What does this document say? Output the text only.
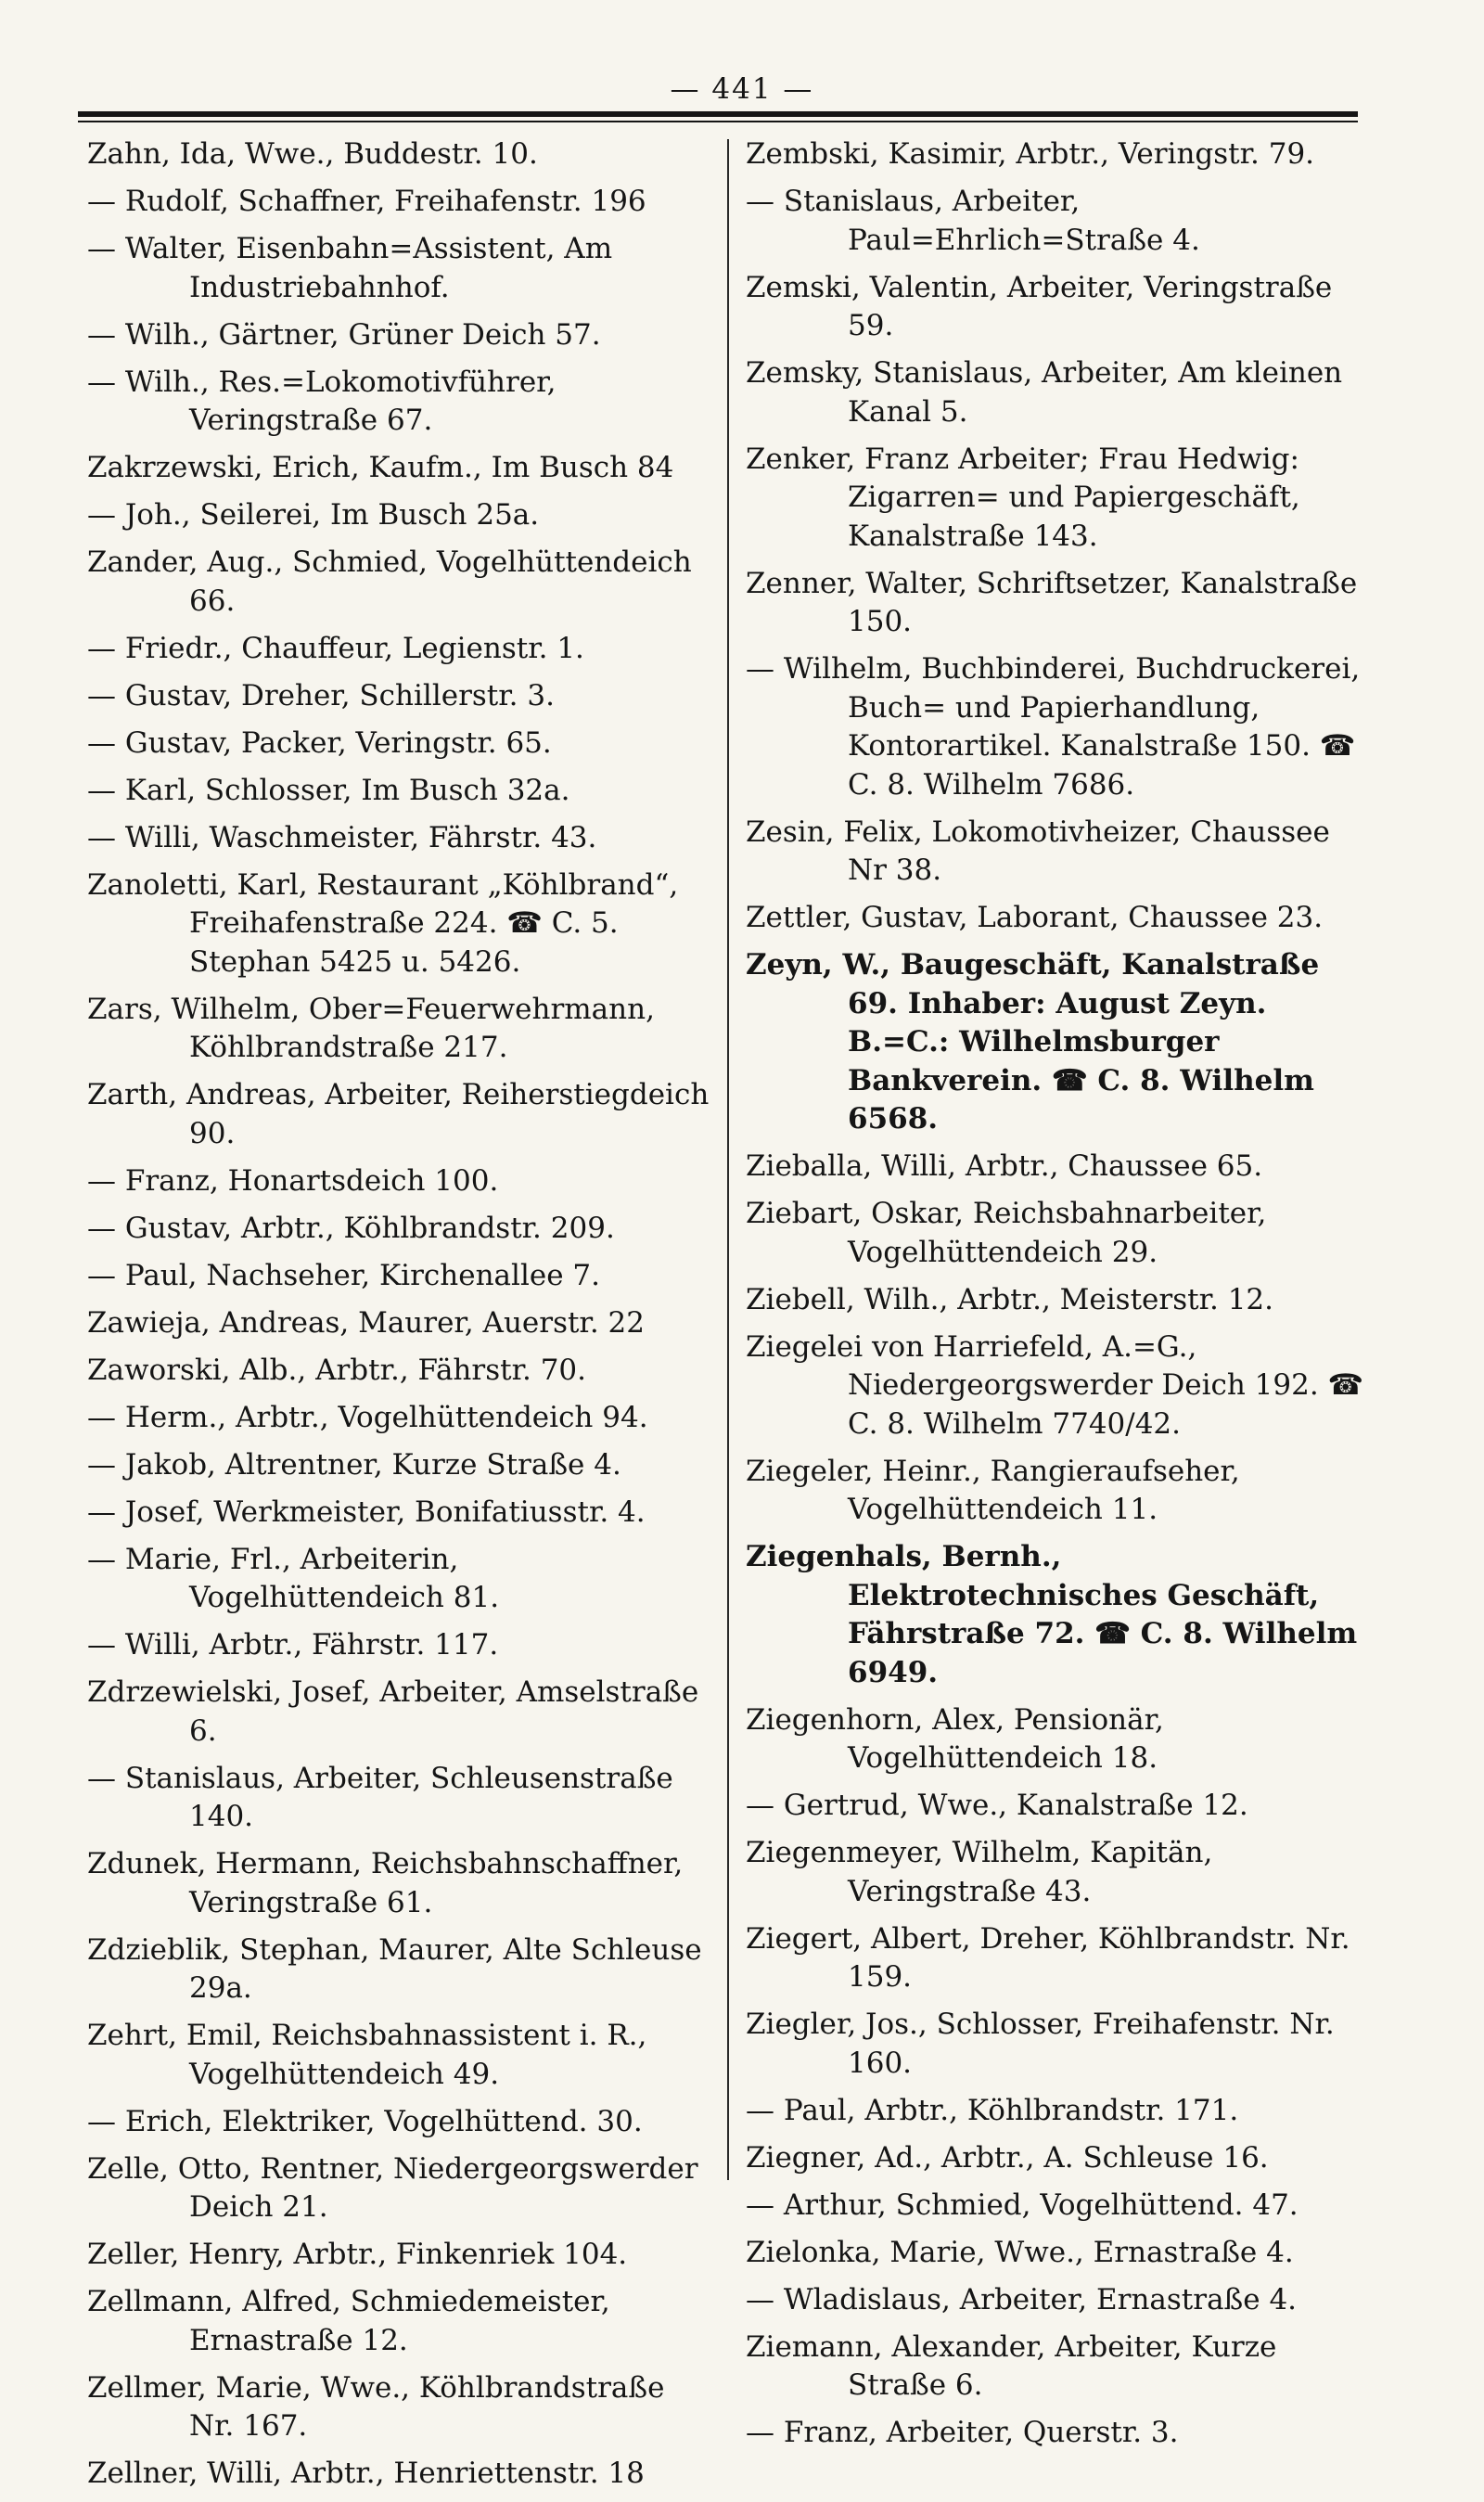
— 441 —
Zahn, Ida, Wwe., Buddestr. 10.
— Rudolf, Schaffner, Freihafenstr. 196
— Walter, Eisenbahn=Assistent, Am Industriebahnhof.
— Wilh., Gärtner, Grüner Deich 57.
— Wilh., Res.=Lokomotivführer, Veringstraße 67.
Zakrzewski, Erich, Kaufm., Im Busch 84
— Joh., Seilerei, Im Busch 25a.
Zander, Aug., Schmied, Vogelhüttendeich 66.
— Friedr., Chauffeur, Legienstr. 1.
— Gustav, Dreher, Schillerstr. 3.
— Gustav, Packer, Veringstr. 65.
— Karl, Schlosser, Im Busch 32a.
— Willi, Waschmeister, Fährstr. 43.
Zanoletti, Karl, Restaurant „Köhlbrand“, Freihafenstraße 224. ☎ C. 5. Stephan 5425 u. 5426.
Zars, Wilhelm, Ober=Feuerwehrmann, Köhlbrandstraße 217.
Zarth, Andreas, Arbeiter, Reiherstiegdeich 90.
— Franz, Honartsdeich 100.
— Gustav, Arbtr., Köhlbrandstr. 209.
— Paul, Nachseher, Kirchenallee 7.
Zawieja, Andreas, Maurer, Auerstr. 22
Zaworski, Alb., Arbtr., Fährstr. 70.
— Herm., Arbtr., Vogelhüttendeich 94.
— Jakob, Altrentner, Kurze Straße 4.
— Josef, Werkmeister, Bonifatiusstr. 4.
— Marie, Frl., Arbeiterin, Vogelhüttendeich 81.
— Willi, Arbtr., Fährstr. 117.
Zdrzewielski, Josef, Arbeiter, Amselstraße 6.
— Stanislaus, Arbeiter, Schleusenstraße 140.
Zdunek, Hermann, Reichsbahnschaffner, Veringstraße 61.
Zdzieblik, Stephan, Maurer, Alte Schleuse 29a.
Zehrt, Emil, Reichsbahnassistent i. R., Vogelhüttendeich 49.
— Erich, Elektriker, Vogelhüttend. 30.
Zelle, Otto, Rentner, Niedergeorgswerder Deich 21.
Zeller, Henry, Arbtr., Finkenriek 104.
Zellmann, Alfred, Schmiedemeister, Ernastraße 12.
Zellmer, Marie, Wwe., Köhlbrandstraße Nr. 167.
Zellner, Willi, Arbtr., Henriettenstr. 18
Zembski, Kasimir, Arbtr., Veringstr. 79.
— Stanislaus, Arbeiter, Paul=Ehrlich=Straße 4.
Zemski, Valentin, Arbeiter, Veringstraße 59.
Zemsky, Stanislaus, Arbeiter, Am kleinen Kanal 5.
Zenker, Franz Arbeiter; Frau Hedwig: Zigarren= und Papiergeschäft, Kanalstraße 143.
Zenner, Walter, Schriftsetzer, Kanalstraße 150.
— Wilhelm, Buchbinderei, Buchdruckerei, Buch= und Papierhandlung, Kontorartikel. Kanalstraße 150. ☎ C. 8. Wilhelm 7686.
Zesin, Felix, Lokomotivheizer, Chaussee Nr 38.
Zettler, Gustav, Laborant, Chaussee 23.
Zeyn, W., Baugeschäft, Kanalstraße 69. Inhaber: August Zeyn. B.=C.: Wilhelmsburger Bankverein. ☎ C. 8. Wilhelm 6568.
Zieballa, Willi, Arbtr., Chaussee 65.
Ziebart, Oskar, Reichsbahnarbeiter, Vogelhüttendeich 29.
Ziebell, Wilh., Arbtr., Meisterstr. 12.
Ziegelei von Harriefeld, A.=G., Niedergeorgswerder Deich 192. ☎ C. 8. Wilhelm 7740/42.
Ziegeler, Heinr., Rangieraufseher, Vogelhüttendeich 11.
Ziegenhals, Bernh., Elektrotechnisches Geschäft, Fährstraße 72. ☎ C. 8. Wilhelm 6949.
Ziegenhorn, Alex, Pensionär, Vogelhüttendeich 18.
— Gertrud, Wwe., Kanalstraße 12.
Ziegenmeyer, Wilhelm, Kapitän, Veringstraße 43.
Ziegert, Albert, Dreher, Köhlbrandstr. Nr. 159.
Ziegler, Jos., Schlosser, Freihafenstr. Nr. 160.
— Paul, Arbtr., Köhlbrandstr. 171.
Ziegner, Ad., Arbtr., A. Schleuse 16.
— Arthur, Schmied, Vogelhüttend. 47.
Zielonka, Marie, Wwe., Ernastraße 4.
— Wladislaus, Arbeiter, Ernastraße 4.
Ziemann, Alexander, Arbeiter, Kurze Straße 6.
— Franz, Arbeiter, Querstr. 3.
